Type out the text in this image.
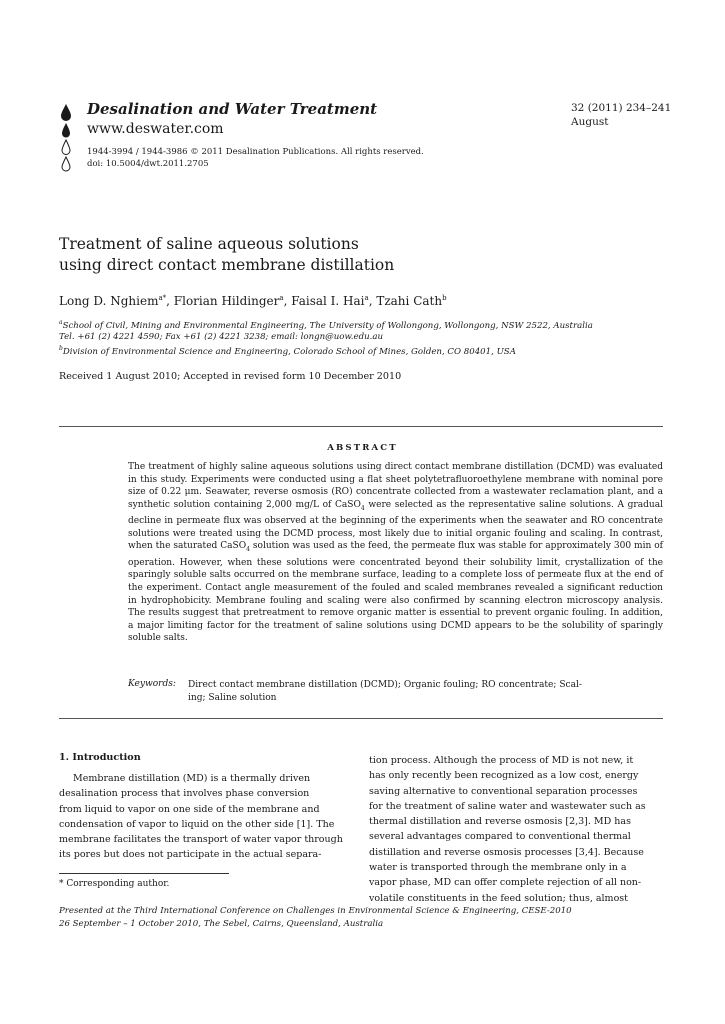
Desalination and Water Treatment
www.deswater.com
1944-3994 / 1944-3986 © 2011 Desalination Publications. All rights reserved.
doi: 10.5004/dwt.2011.2705
32 (2011) 234–241
August
Treatment of saline aqueous solutions
using direct contact membrane distillation
Long D. Nghiem$^{a*}$, Florian Hildinger$^a$, Faisal I. Hai$^a$, Tzahi Cath$^b$
$^a$School of Civil, Mining and Environmental Engineering, The University of Wollongong, Wollongong, NSW 2522, Australia
Tel. +61 (2) 4221 4590; Fax +61 (2) 4221 3238; email: longn@uow.edu.au
$^b$Division of Environmental Science and Engineering, Colorado School of Mines, Golden, CO 80401, USA
Received 1 August 2010; Accepted in revised form 10 December 2010
ABSTRACT
The treatment of highly saline aqueous solutions using direct contact membrane distillation (DCMD) was evaluated in this study. Experiments were conducted using a flat sheet polytetrafluoroethylene membrane with nominal pore size of 0.22 μm. Seawater, reverse osmosis (RO) concentrate collected from a wastewater reclamation plant, and a synthetic solution containing 2,000 mg/L of CaSO$_4$ were selected as the representative saline solutions. A gradual decline in permeate flux was observed at the beginning of the experiments when the seawater and RO concentrate solutions were treated using the DCMD process, most likely due to initial organic fouling and scaling. In contrast, when the saturated CaSO$_4$ solution was used as the feed, the permeate flux was stable for approximately 300 min of operation. However, when these solutions were concentrated beyond their solubility limit, crystallization of the sparingly soluble salts occurred on the membrane surface, leading to a complete loss of permeate flux at the end of the experiment. Contact angle measurement of the fouled and scaled membranes revealed a significant reduction in hydrophobicity. Membrane fouling and scaling were also confirmed by scanning electron microscopy analysis. The results suggest that pretreatment to remove organic matter is essential to prevent organic fouling. In addition, a major limiting factor for the treatment of saline solutions using DCMD appears to be the solubility of sparingly soluble salts.
Keywords: Direct contact membrane distillation (DCMD); Organic fouling; RO concentrate; Scal-
ing; Saline solution
1. Introduction
Membrane distillation (MD) is a thermally driven
desalination process that involves phase conversion
from liquid to vapor on one side of the membrane and
condensation of vapor to liquid on the other side [1]. The
membrane facilitates the transport of water vapor through
its pores but does not participate in the actual separa-
tion process. Although the process of MD is not new, it
has only recently been recognized as a low cost, energy
saving alternative to conventional separation processes
for the treatment of saline water and wastewater such as
thermal distillation and reverse osmosis [2,3]. MD has
several advantages compared to conventional thermal
distillation and reverse osmosis processes [3,4]. Because
water is transported through the membrane only in a
vapor phase, MD can offer complete rejection of all non-
volatile constituents in the feed solution; thus, almost
* Corresponding author.
Presented at the Third International Conference on Challenges in Environmental Science & Engineering, CESE-2010
26 September – 1 October 2010, The Sebel, Cairns, Queensland, Australia
